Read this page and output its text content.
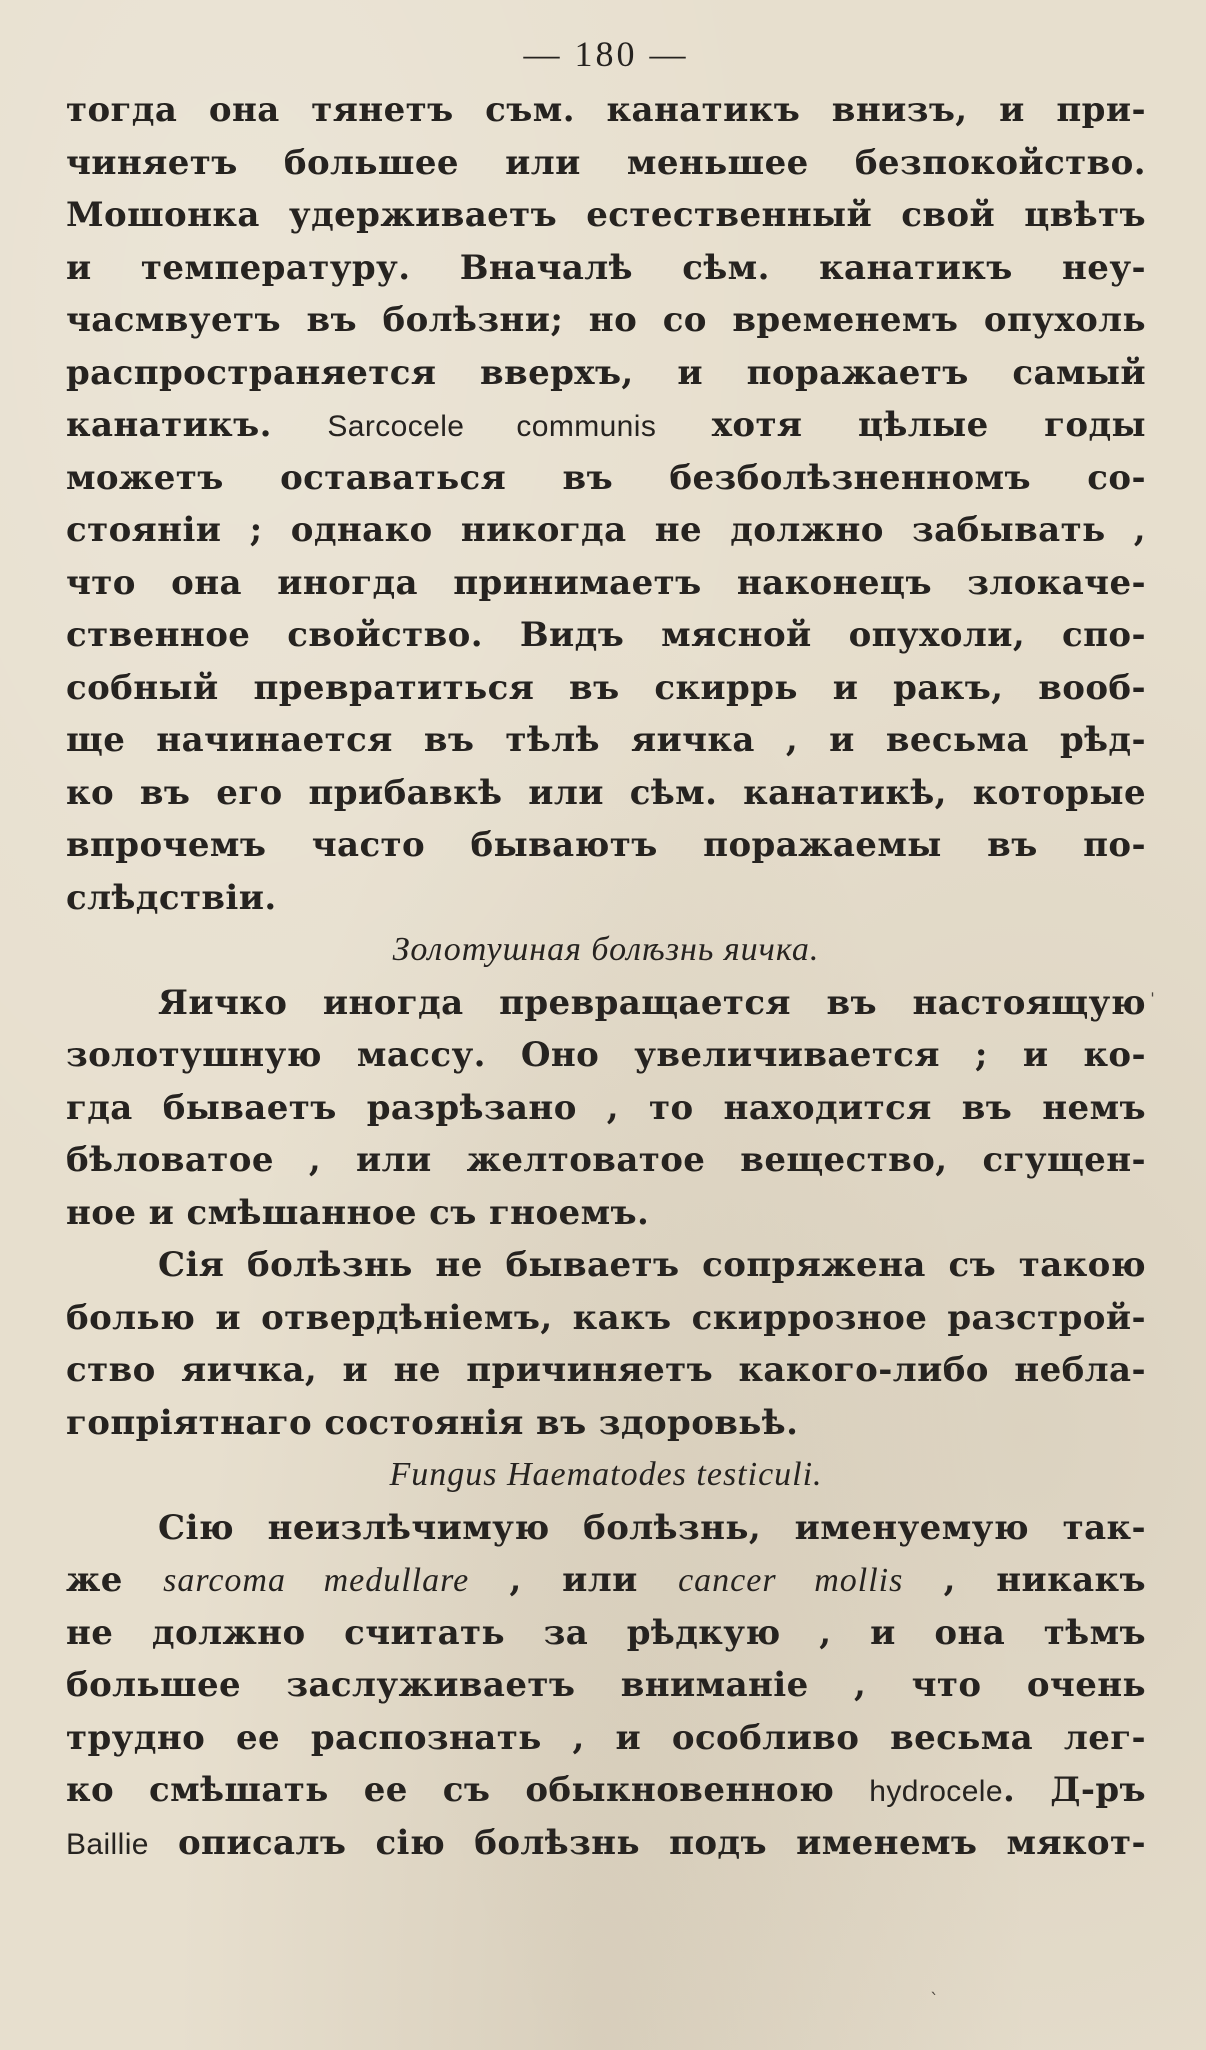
— 180 —
тогда она тянетъ съм. канатикъ внизъ, и при-
чиняетъ большее или меньшее безпокойство.
Мошонка удерживаетъ естественный свой цвѣтъ
и температуру. Вначалѣ сѣм. канатикъ неу-
часмвуетъ въ болѣзни; но со временемъ опухоль
распространяется вверхъ, и поражаетъ самый
канатикъ. Sarcocele communis хотя цѣлые годы
можетъ оставаться въ безболѣзненномъ со-
стояніи ; однако никогда не должно забывать ,
что она иногда принимаетъ наконецъ злокаче-
ственное свойство. Видъ мясной опухоли, спо-
собный превратиться въ скиррь и ракъ, вооб-
ще начинается въ тѣлѣ яичка , и весьма рѣд-
ко въ его прибавкѣ или сѣм. канатикѣ, которые
впрочемъ часто бываютъ поражаемы въ по-
слѣдствіи.
Золотушная болѣзнь яичка.
Яичко иногда превращается въ настоящую
золотушную массу. Оно увеличивается ; и ко-
гда бываетъ разрѣзано , то находится въ немъ
бѣловатое , или желтоватое вещество, сгущен-
ное и смѣшанное съ гноемъ.
Сія болѣзнь не бываетъ сопряжена съ такою
болью и отвердѣніемъ, какъ скиррозное разстрой-
ство яичка, и не причиняетъ какого-либо небла-
гопріятнаго состоянія въ здоровьѣ.
Fungus Haematodes testiculi.
Сію неизлѣчимую болѣзнь, именуемую так-
же sarcoma medullare , или cancer mollis , никакъ
не должно считать за рѣдкую , и она тѣмъ
большее заслуживаетъ вниманіе , что очень
трудно ее распознать , и особливо весьма лег-
ко смѣшать ее съ обыкновенною hydrocele. Д-ръ
Baillie описалъ сію болѣзнь подъ именемъ мякот-
ˈ
ˋ
